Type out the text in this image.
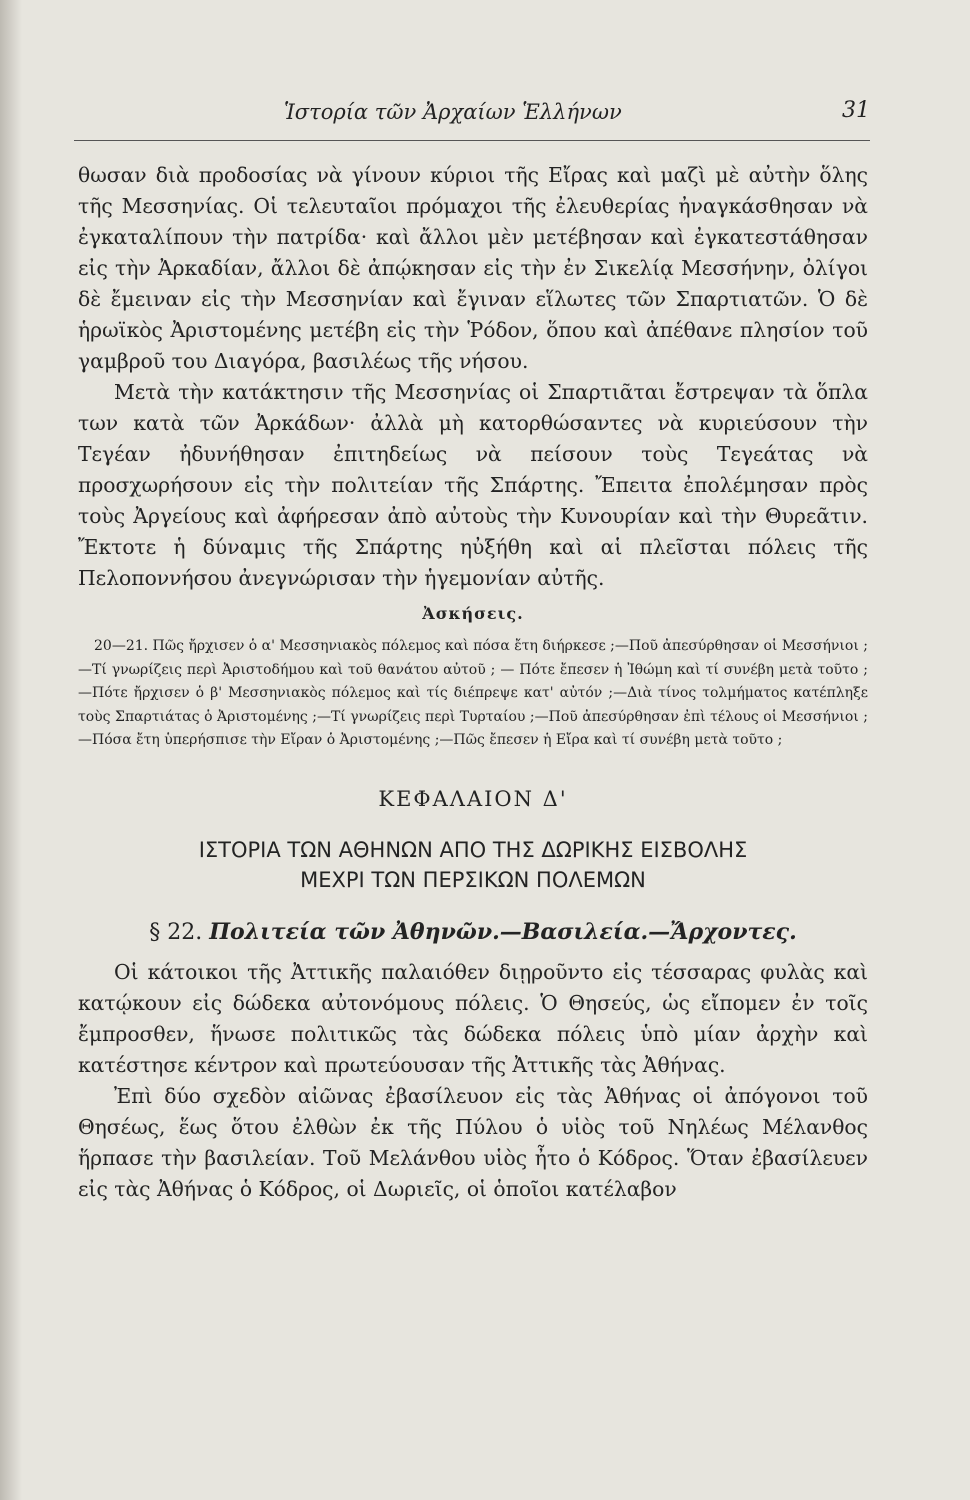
Ἱστορία τῶν Ἀρχαίων Ἑλλήνων	31

θωσαν διὰ προδοσίας νὰ γίνουν κύριοι τῆς Εἴρας καὶ μαζὶ μὲ αὐτὴν ὅλης τῆς Μεσσηνίας. Οἱ τελευταῖοι πρόμαχοι τῆς ἐλευθερίας ἠναγκάσθησαν νὰ ἐγκαταλίπουν τὴν πατρίδα· καὶ ἄλλοι μὲν μετέβησαν καὶ ἐγκατεστάθησαν εἰς τὴν Ἀρκαδίαν, ἄλλοι δὲ ἀπῴκησαν εἰς τὴν ἐν Σικελίᾳ Μεσσήνην, ὀλίγοι δὲ ἔμειναν εἰς τὴν Μεσσηνίαν καὶ ἔγιναν εἵλωτες τῶν Σπαρτιατῶν. Ὁ δὲ ἡρωϊκὸς Ἀριστομένης μετέβη εἰς τὴν Ῥόδον, ὅπου καὶ ἀπέθανε πλησίον τοῦ γαμβροῦ του Διαγόρα, βασιλέως τῆς νήσου.

Μετὰ τὴν κατάκτησιν τῆς Μεσσηνίας οἱ Σπαρτιᾶται ἔστρεψαν τὰ ὅπλα των κατὰ τῶν Ἀρκάδων· ἀλλὰ μὴ κατορθώσαντες νὰ κυριεύσουν τὴν Τεγέαν ἠδυνήθησαν ἐπιτηδείως νὰ πείσουν τοὺς Τεγεάτας νὰ προσχωρήσουν εἰς τὴν πολιτείαν τῆς Σπάρτης. Ἔπειτα ἐπολέμησαν πρὸς τοὺς Ἀργείους καὶ ἀφήρεσαν ἀπὸ αὐτοὺς τὴν Κυνουρίαν καὶ τὴν Θυρεᾶτιν. Ἔκτοτε ἡ δύναμις τῆς Σπάρτης ηὐξήθη καὶ αἱ πλεῖσται πόλεις τῆς Πελοποννήσου ἀνεγνώρισαν τὴν ἡγεμονίαν αὐτῆς.

Ἀσκήσεις.

20—21. Πῶς ἤρχισεν ὁ α' Μεσσηνιακὸς πόλεμος καὶ πόσα ἔτη διήρκεσε ;—Ποῦ ἀπεσύρθησαν οἱ Μεσσήνιοι ;—Τί γνωρίζεις περὶ Ἀριστοδήμου καὶ τοῦ θανάτου αὐτοῦ ; — Πότε ἔπεσεν ἡ Ἰθώμη καὶ τί συνέβη μετὰ τοῦτο ;—Πότε ἤρχισεν ὁ β' Μεσσηνιακὸς πόλεμος καὶ τίς διέπρεψε κατ' αὐτόν ;—Διὰ τίνος τολμήματος κατέπληξε τοὺς Σπαρτιάτας ὁ Ἀριστομένης ;—Τί γνωρίζεις περὶ Τυρταίου ;—Ποῦ ἀπεσύρθησαν ἐπὶ τέλους οἱ Μεσσήνιοι ;—Πόσα ἔτη ὑπερήσπισε τὴν Εἴραν ὁ Ἀριστομένης ;—Πῶς ἔπεσεν ἡ Εἴρα καὶ τί συνέβη μετὰ τοῦτο ;

ΚΕΦΑΛΑΙΟΝ Δ'
ΙΣΤΟΡΙΑ ΤΩΝ ΑΘΗΝΩΝ ΑΠΟ ΤΗΣ ΔΩΡΙΚΗΣ ΕΙΣΒΟΛΗΣ
ΜΕΧΡΙ ΤΩΝ ΠΕΡΣΙΚΩΝ ΠΟΛΕΜΩΝ
§ 22. Πολιτεία τῶν Ἀθηνῶν.—Βασιλεία.—Ἄρχοντες.

Οἱ κάτοικοι τῆς Ἀττικῆς παλαιόθεν διῃροῦντο εἰς τέσσαρας φυλὰς καὶ κατῴκουν εἰς δώδεκα αὐτονόμους πόλεις. Ὁ Θησεύς, ὡς εἴπομεν ἐν τοῖς ἔμπροσθεν, ἥνωσε πολιτικῶς τὰς δώδεκα πόλεις ὑπὸ μίαν ἀρχὴν καὶ κατέστησε κέντρον καὶ πρωτεύουσαν τῆς Ἀττικῆς τὰς Ἀθήνας.

Ἐπὶ δύο σχεδὸν αἰῶνας ἐβασίλευον εἰς τὰς Ἀθήνας οἱ ἀπόγονοι τοῦ Θησέως, ἕως ὅτου ἐλθὼν ἐκ τῆς Πύλου ὁ υἱὸς τοῦ Νηλέως Μέλανθος ἥρπασε τὴν βασιλείαν. Τοῦ Μελάνθου υἱὸς ἦτο ὁ Κόδρος. Ὅταν ἐβασίλευεν εἰς τὰς Ἀθήνας ὁ Κόδρος, οἱ Δωριεῖς, οἱ ὁποῖοι κατέλαβον
